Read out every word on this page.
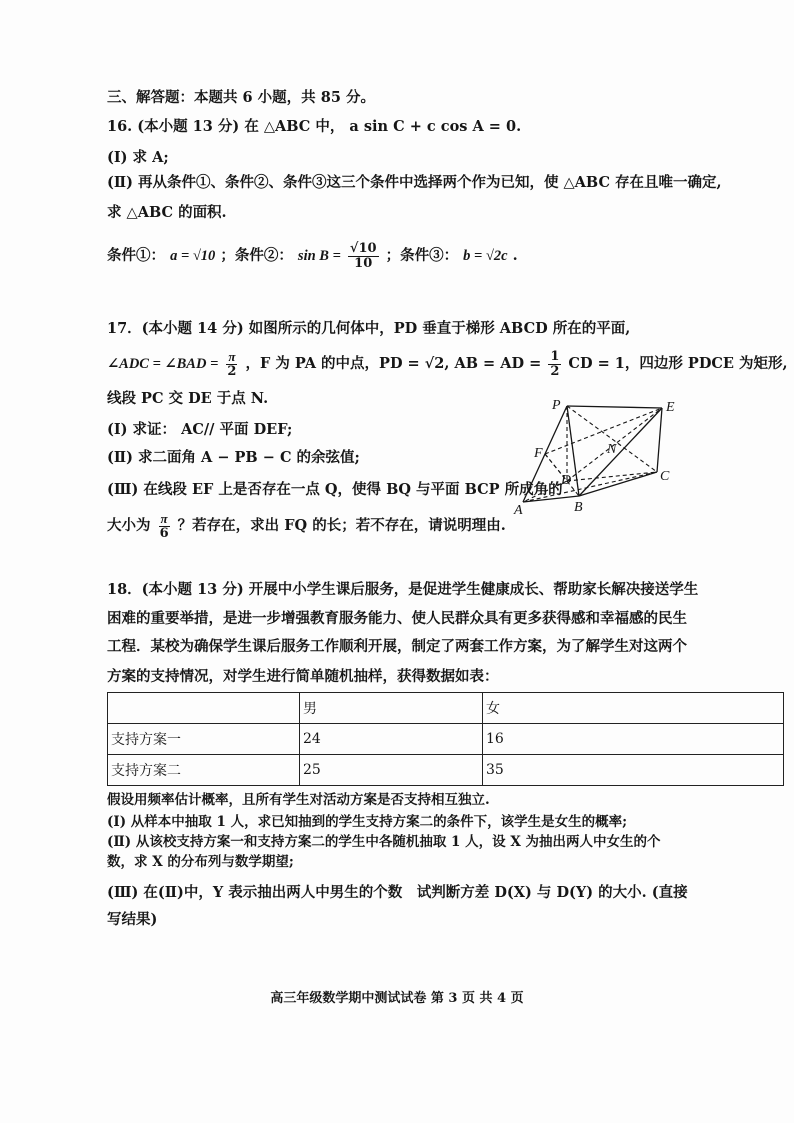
三、解答题：本题共 6 小题，共 85 分。
16. (本小题 13 分) 在 △ABC 中， a sin C + c cos A = 0.
(Ⅰ) 求 A;
(Ⅱ) 再从条件①、条件②、条件③这三个条件中选择两个作为已知，使 △ABC 存在且唯一确定,
求 △ABC 的面积.
条件①： a = √10 ；条件②： $\sin B = \frac{√10}{10}$ ；条件③： b = √2c .
17．(本小题 14 分) 如图所示的几何体中，PD 垂直于梯形 ABCD 所在的平面,
∠ADC = ∠BAD = $\frac{\pi}{2}$ ，F 为 PA 的中点，PD = √2, AB = AD = $\frac{1}{2}$ CD = 1，四边形 PDCE 为矩形,
线段 PC 交 DE 于点 N.
(Ⅰ) 求证： AC// 平面 DEF;
(Ⅱ) 求二面角 A − PB − C 的余弦值;
(Ⅲ) 在线段 EF 上是否存在一点 Q，使得 BQ 与平面 BCP 所成角的
大小为 $\frac{\pi}{6}$ ？若存在，求出 FQ 的长；若不存在，请说明理由.
P	E
F	N
D	C
A	B
18．(本小题 13 分) 开展中小学生课后服务，是促进学生健康成长、帮助家长解决接送学生
困难的重要举措，是进一步增强教育服务能力、使人民群众具有更多获得感和幸福感的民生
工程．某校为确保学生课后服务工作顺利开展，制定了两套工作方案，为了解学生对这两个
方案的支持情况，对学生进行简单随机抽样，获得数据如表：
	男	女
支持方案一	24	16
支持方案二	25	35
假设用频率估计概率，且所有学生对活动方案是否支持相互独立.
(Ⅰ) 从样本中抽取 1 人，求已知抽到的学生支持方案二的条件下，该学生是女生的概率;
(Ⅱ) 从该校支持方案一和支持方案二的学生中各随机抽取 1 人，设 X 为抽出两人中女生的个
数，求 X 的分布列与数学期望;
(Ⅲ) 在(Ⅱ)中，Y 表示抽出两人中男生的个数　试判断方差 D(X) 与 D(Y) 的大小. (直接
写结果)
高三年级数学期中测试试卷 第 3 页 共 4 页
